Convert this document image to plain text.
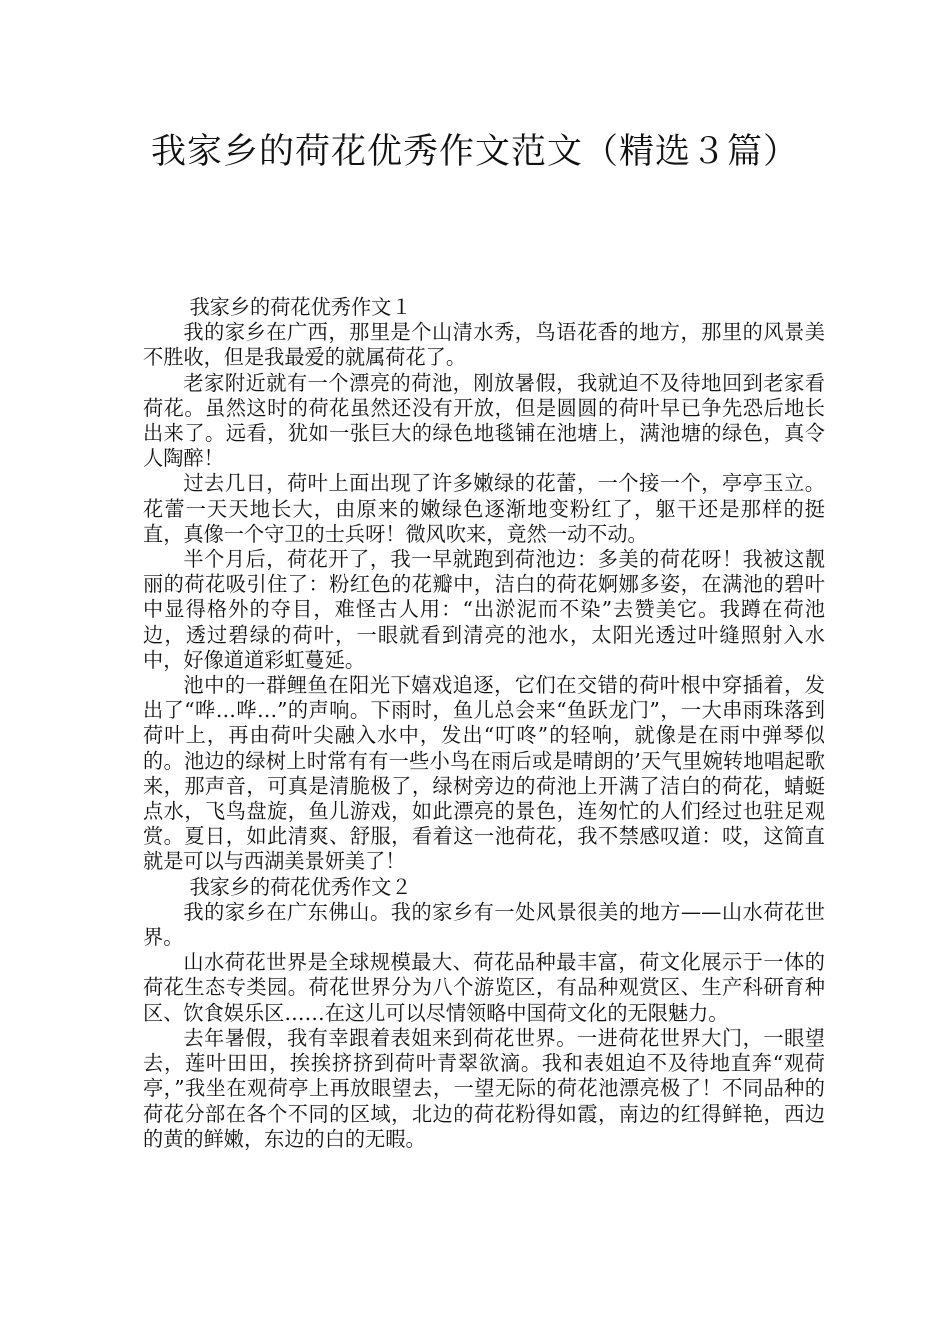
我家乡的荷花优秀作文范文（精选３篇）
我家乡的荷花优秀作文１

我的家乡在广西，那里是个山清水秀，鸟语花香的地方，那里的风景美不胜收，但是我最爱的就属荷花了。

老家附近就有一个漂亮的荷池，刚放暑假，我就迫不及待地回到老家看荷花。虽然这时的荷花虽然还没有开放，但是圆圆的荷叶早已争先恐后地长出来了。远看，犹如一张巨大的绿色地毯铺在池塘上，满池塘的绿色，真令人陶醉！

过去几日，荷叶上面出现了许多嫩绿的花蕾，一个接一个，亭亭玉立。花蕾一天天地长大，由原来的嫩绿色逐渐地变粉红了，躯干还是那样的挺直，真像一个守卫的士兵呀！微风吹来，竟然一动不动。

半个月后，荷花开了，我一早就跑到荷池边：多美的荷花呀！我被这靓丽的荷花吸引住了：粉红色的花瓣中，洁白的荷花婀娜多姿，在满池的碧叶中显得格外的夺目，难怪古人用：“出淤泥而不染”去赞美它。我蹲在荷池边，透过碧绿的荷叶，一眼就看到清亮的池水，太阳光透过叶缝照射入水中，好像道道彩虹蔓延。

池中的一群鲤鱼在阳光下嬉戏追逐，它们在交错的荷叶根中穿插着，发出了“哗…哗…”的声响。下雨时，鱼儿总会来“鱼跃龙门”，一大串雨珠落到荷叶上，再由荷叶尖融入水中，发出“叮咚”的轻响，就像是在雨中弹琴似的。池边的绿树上时常有有一些小鸟在雨后或是晴朗的’天气里婉转地唱起歌来，那声音，可真是清脆极了，绿树旁边的荷池上开满了洁白的荷花，蜻蜓点水，飞鸟盘旋，鱼儿游戏，如此漂亮的景色，连匆忙的人们经过也驻足观赏。夏日，如此清爽、舒服，看着这一池荷花，我不禁感叹道：哎，这简直就是可以与西湖美景妍美了！

我家乡的荷花优秀作文２

我的家乡在广东佛山。我的家乡有一处风景很美的地方——山水荷花世界。

山水荷花世界是全球规模最大、荷花品种最丰富，荷文化展示于一体的荷花生态专类园。荷花世界分为八个游览区，有品种观赏区、生产科研育种区、饮食娱乐区……在这儿可以尽情领略中国荷文化的无限魅力。

去年暑假，我有幸跟着表姐来到荷花世界。一进荷花世界大门，一眼望去，莲叶田田，挨挨挤挤到荷叶青翠欲滴。我和表姐迫不及待地直奔“观荷亭，”我坐在观荷亭上再放眼望去，一望无际的荷花池漂亮极了！不同品种的荷花分部在各个不同的区域，北边的荷花粉得如霞，南边的红得鲜艳，西边的黄的鲜嫩，东边的白的无暇。
